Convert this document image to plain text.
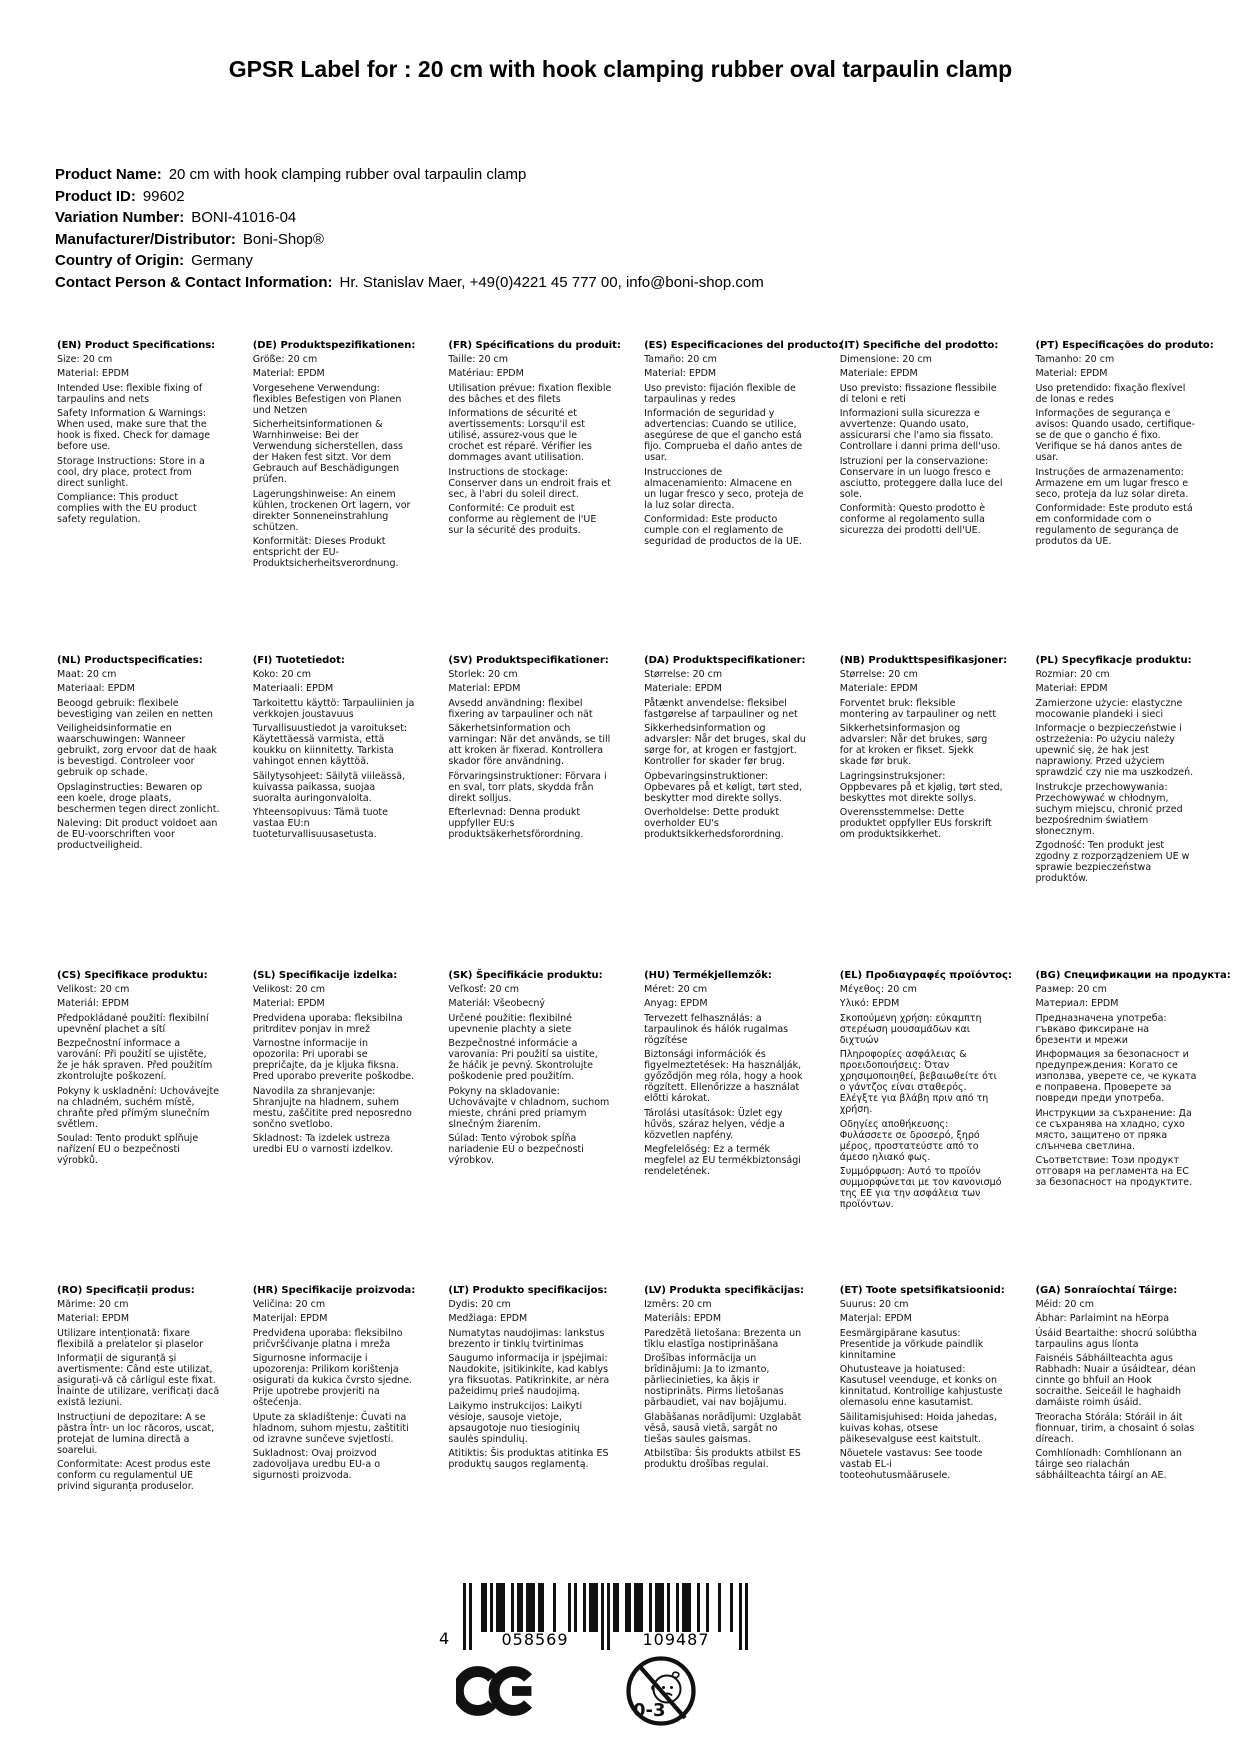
GPSR Label for : 20 cm with hook clamping rubber oval tarpaulin clamp
Product Name: 20 cm with hook clamping rubber oval tarpaulin clamp
Product ID: 99602
Variation Number: BONI-41016-04
Manufacturer/Distributor: Boni-Shop®
Country of Origin: Germany
Contact Person & Contact Information: Hr. Stanislav Maer, +49(0)4221 45 777 00, info@boni-shop.com
(EN) Product Specifications:

Size: 20 cm

Material: EPDM

Intended Use: flexible fixing of tarpaulins and nets

Safety Information & Warnings: When used, make sure that the hook is fixed. Check for damage before use.

Storage Instructions: Store in a cool, dry place, protect from direct sunlight.

Compliance: This product complies with the EU product safety regulation.

(DE) Produktspezifikationen:

Größe: 20 cm

Material: EPDM

Vorgesehene Verwendung: flexibles Befestigen von Planen und Netzen

Sicherheitsinformationen & Warnhinweise: Bei der Verwendung sicherstellen, dass der Haken fest sitzt. Vor dem Gebrauch auf Beschädigungen prüfen.

Lagerungshinweise: An einem kühlen, trockenen Ort lagern, vor direkter Sonneneinstrahlung schützen.

Konformität: Dieses Produkt entspricht der EU-Produktsicherheitsverordnung.

(FR) Spécifications du produit:

Taille: 20 cm

Matériau: EPDM

Utilisation prévue: fixation flexible des bâches et des filets

Informations de sécurité et avertissements: Lorsqu'il est utilisé, assurez-vous que le crochet est réparé. Vérifier les dommages avant utilisation.

Instructions de stockage: Conserver dans un endroit frais et sec, à l'abri du soleil direct.

Conformité: Ce produit est conforme au règlement de l'UE sur la sécurité des produits.

(ES) Especificaciones del producto:

Tamaño: 20 cm

Material: EPDM

Uso previsto: fijación flexible de tarpaulinas y redes

Información de seguridad y advertencias: Cuando se utilice, asegúrese de que el gancho está fijo. Comprueba el daño antes de usar.

Instrucciones de almacenamiento: Almacene en un lugar fresco y seco, proteja de la luz solar directa.

Conformidad: Este producto cumple con el reglamento de seguridad de productos de la UE.

(IT) Specifiche del prodotto:

Dimensione: 20 cm

Materiale: EPDM

Uso previsto: fissazione flessibile di teloni e reti

Informazioni sulla sicurezza e avvertenze: Quando usato, assicurarsi che l'amo sia fissato. Controllare i danni prima dell'uso.

Istruzioni per la conservazione: Conservare in un luogo fresco e asciutto, proteggere dalla luce del sole.

Conformità: Questo prodotto è conforme al regolamento sulla sicurezza dei prodotti dell'UE.

(PT) Especificações do produto:

Tamanho: 20 cm

Material: EPDM

Uso pretendido: fixação flexível de lonas e redes

Informações de segurança e avisos: Quando usado, certifique-se de que o gancho é fixo. Verifique se há danos antes de usar.

Instruções de armazenamento: Armazene em um lugar fresco e seco, proteja da luz solar direta.

Conformidade: Este produto está em conformidade com o regulamento de segurança de produtos da UE.

(NL) Productspecificaties:

Maat: 20 cm

Materiaal: EPDM

Beoogd gebruik: flexibele bevestiging van zeilen en netten

Veiligheidsinformatie en waarschuwingen: Wanneer gebruikt, zorg ervoor dat de haak is bevestigd. Controleer voor gebruik op schade.

Opslaginstructies: Bewaren op een koele, droge plaats, beschermen tegen direct zonlicht.

Naleving: Dit product voldoet aan de EU-voorschriften voor productveiligheid.

(FI) Tuotetiedot:

Koko: 20 cm

Materiaali: EPDM

Tarkoitettu käyttö: Tarpauliinien ja verkkojen joustavuus

Turvallisuustiedot ja varoitukset: Käytettäessä varmista, että koukku on kiinnitetty. Tarkista vahingot ennen käyttöä.

Säilytysohjeet: Säilytä viileässä, kuivassa paikassa, suojaa suoralta auringonvalolta.

Yhteensopivuus: Tämä tuote vastaa EU:n tuoteturvallisuusasetusta.

(SV) Produktspecifikationer:

Storlek: 20 cm

Material: EPDM

Avsedd användning: flexibel fixering av tarpauliner och nät

Säkerhetsinformation och varningar: När det används, se till att kroken är fixerad. Kontrollera skador före användning.

Förvaringsinstruktioner: Förvara i en sval, torr plats, skydda från direkt solljus.

Efterlevnad: Denna produkt uppfyller EU:s produktsäkerhetsförordning.

(DA) Produktspecifikationer:

Størrelse: 20 cm

Materiale: EPDM

Påtænkt anvendelse: fleksibel fastgørelse af tarpauliner og net

Sikkerhedsinformation og advarsler: Når det bruges, skal du sørge for, at krogen er fastgjort. Kontroller for skader før brug.

Opbevaringsinstruktioner: Opbevares på et køligt, tørt sted, beskytter mod direkte sollys.

Overholdelse: Dette produkt overholder EU's produktsikkerhedsforordning.

(NB) Produkttspesifikasjoner:

Størrelse: 20 cm

Materiale: EPDM

Forventet bruk: fleksible montering av tarpauliner og nett

Sikkerhetsinformasjon og advarsler: Når det brukes, sørg for at kroken er fikset. Sjekk skade før bruk.

Lagringsinstruksjoner: Oppbevares på et kjølig, tørt sted, beskyttes mot direkte sollys.

Overensstemmelse: Dette produktet oppfyller EUs forskrift om produktsikkerhet.

(PL) Specyfikacje produktu:

Rozmiar: 20 cm

Materiał: EPDM

Zamierzone użycie: elastyczne mocowanie plandeki i sieci

Informacje o bezpieczeństwie i ostrzeżenia: Po użyciu należy upewnić się, że hak jest naprawiony. Przed użyciem sprawdzić czy nie ma uszkodzeń.

Instrukcje przechowywania: Przechowywać w chłodnym, suchym miejscu, chronić przed bezpośrednim światłem słonecznym.

Zgodność: Ten produkt jest zgodny z rozporządzeniem UE w sprawie bezpieczeństwa produktów.

(CS) Specifikace produktu:

Velikost: 20 cm

Materiál: EPDM

Předpokládané použití: flexibilní upevnění plachet a sítí

Bezpečnostní informace a varování: Při použití se ujistěte, že je hák spraven. Před použitím zkontrolujte poškození.

Pokyny k uskladnění: Uchovávejte na chladném, suchém místě, chraňte před přímým slunečním světlem.

Soulad: Tento produkt splňuje nařízení EU o bezpečnosti výrobků.

(SL) Specifikacije izdelka:

Velikost: 20 cm

Material: EPDM

Predvidena uporaba: fleksibilna pritrditev ponjav in mrež

Varnostne informacije in opozorila: Pri uporabi se prepričajte, da je kljuka fiksna. Pred uporabo preverite poškodbe.

Navodila za shranjevanje: Shranjujte na hladnem, suhem mestu, zaščitite pred neposredno sončno svetlobo.

Skladnost: Ta izdelek ustreza uredbi EU o varnosti izdelkov.

(SK) Špecifikácie produktu:

Veľkosť: 20 cm

Materiál: Všeobecný

Určené použitie: flexibilné upevnenie plachty a siete

Bezpečnostné informácie a varovania: Pri použití sa uistite, že háčik je pevný. Skontrolujte poškodenie pred použitím.

Pokyny na skladovanie: Uchovávajte v chladnom, suchom mieste, chráni pred priamym slnečným žiarením.

Súlad: Tento výrobok spĺňa nariadenie EÚ o bezpečnosti výrobkov.

(HU) Termékjellemzők:

Méret: 20 cm

Anyag: EPDM

Tervezett felhasználás: a tarpaulinok és hálók rugalmas rögzítése

Biztonsági információk és figyelmeztetések: Ha használják, győződjön meg róla, hogy a hook rögzített. Ellenőrizze a használat előtti károkat.

Tárolási utasítások: Üzlet egy hűvös, száraz helyen, védje a közvetlen napfény.

Megfelelőség: Ez a termék megfelel az EU termékbiztonsági rendeletének.

(EL) Προδιαγραφές προϊόντος:

Μέγεθος: 20 cm

Υλικό: EPDM

Σκοπούμενη χρήση: εύκαμπτη στερέωση μουσαμάδων και διχτυών

Πληροφορίες ασφάλειας & προειδοποιήσεις: Όταν χρησιμοποιηθεί, βεβαιωθείτε ότι ο γάντζος είναι σταθερός. Ελέγξτε για βλάβη πριν από τη χρήση.

Οδηγίες αποθήκευσης: Φυλάσσετε σε δροσερό, ξηρό μέρος, προστατεύστε από το άμεσο ηλιακό φως.

Συμμόρφωση: Αυτό το προϊόν συμμορφώνεται με τον κανονισμό της ΕΕ για την ασφάλεια των προϊόντων.

(BG) Спецификации на продукта:

Размер: 20 cm

Материал: EPDM

Предназначена употреба: гъвкаво фиксиране на брезенти и мрежи

Информация за безопасност и предупреждения: Когато се използва, уверете се, че куката е поправена. Проверете за повреди преди употреба.

Инструкции за съхранение: Да се съхранява на хладно, сухо място, защитено от пряка слънчева светлина.

Съответствие: Този продукт отговаря на регламента на ЕС за безопасност на продуктите.

(RO) Specificații produs:

Mărime: 20 cm

Material: EPDM

Utilizare intenționată: fixare flexibilă a prelatelor și plaselor

Informații de siguranță și avertismente: Când este utilizat, asigurați-vă că cârligul este fixat. Înainte de utilizare, verificați dacă există leziuni.

Instrucțiuni de depozitare: A se păstra într- un loc răcoros, uscat, protejat de lumina directă a soarelui.

Conformitate: Acest produs este conform cu regulamentul UE privind siguranța produselor.

(HR) Specifikacije proizvoda:

Veličina: 20 cm

Materijal: EPDM

Predviđena uporaba: fleksibilno pričvršćivanje platna i mreža

Sigurnosne informacije i upozorenja: Prilikom korištenja osigurati da kukica čvrsto sjedne. Prije upotrebe provjeriti na oštećenja.

Upute za skladištenje: Čuvati na hladnom, suhom mjestu, zaštititi od izravne sunčeve svjetlosti.

Sukladnost: Ovaj proizvod zadovoljava uredbu EU-a o sigurnosti proizvoda.

(LT) Produkto specifikacijos:

Dydis: 20 cm

Medžiaga: EPDM

Numatytas naudojimas: lankstus brezento ir tinklų tvirtinimas

Saugumo informacija ir įspėjimai: Naudokite, įsitikinkite, kad kablys yra fiksuotas. Patikrinkite, ar nėra pažeidimų prieš naudojimą.

Laikymo instrukcijos: Laikyti vėsioje, sausoje vietoje, apsaugotoje nuo tiesioginių saulės spindulių.

Atitiktis: Šis produktas atitinka ES produktų saugos reglamentą.

(LV) Produkta specifikācijas:

Izmērs: 20 cm

Materiāls: EPDM

Paredzētā lietošana: Brezenta un tīklu elastīga nostiprināšana

Drošības informācija un brīdinājumi: Ja to izmanto, pārliecinieties, ka āķis ir nostiprināts. Pirms lietošanas pārbaudiet, vai nav bojājumu.

Glabāšanas norādījumi: Uzglabāt vēsā, sausā vietā, sargāt no tiešas saules gaismas.

Atbilstība: Šis produkts atbilst ES produktu drošības regulai.

(ET) Toote spetsifikatsioonid:

Suurus: 20 cm

Materjal: EPDM

Eesmärgipärane kasutus: Presentide ja võrkude paindlik kinnitamine

Ohutusteave ja hoiatused: Kasutusel veenduge, et konks on kinnitatud. Kontrollige kahjustuste olemasolu enne kasutamist.

Säilitamisjuhised: Hoida jahedas, kuivas kohas, otsese päikesevalguse eest kaitstult.

Nõuetele vastavus: See toode vastab EL-i tooteohutusmäärusele.

(GA) Sonraíochtaí Táirge:

Méid: 20 cm

Ábhar: Parlaimint na hEorpa

Úsáid Beartaithe: shocrú solúbtha tarpaulins agus líonta

Faisnéis Sábháilteachta agus Rabhadh: Nuair a úsáidtear, déan cinnte go bhfuil an Hook socraithe. Seiceáil le haghaidh damáiste roimh úsáid.

Treoracha Stórála: Stóráil in áit fionnuar, tirim, a chosaint ó solas díreach.

Comhlíonadh: Comhlíonann an táirge seo rialachán sábháilteachta táirgí an AE.

4	058569	109487
0-3
